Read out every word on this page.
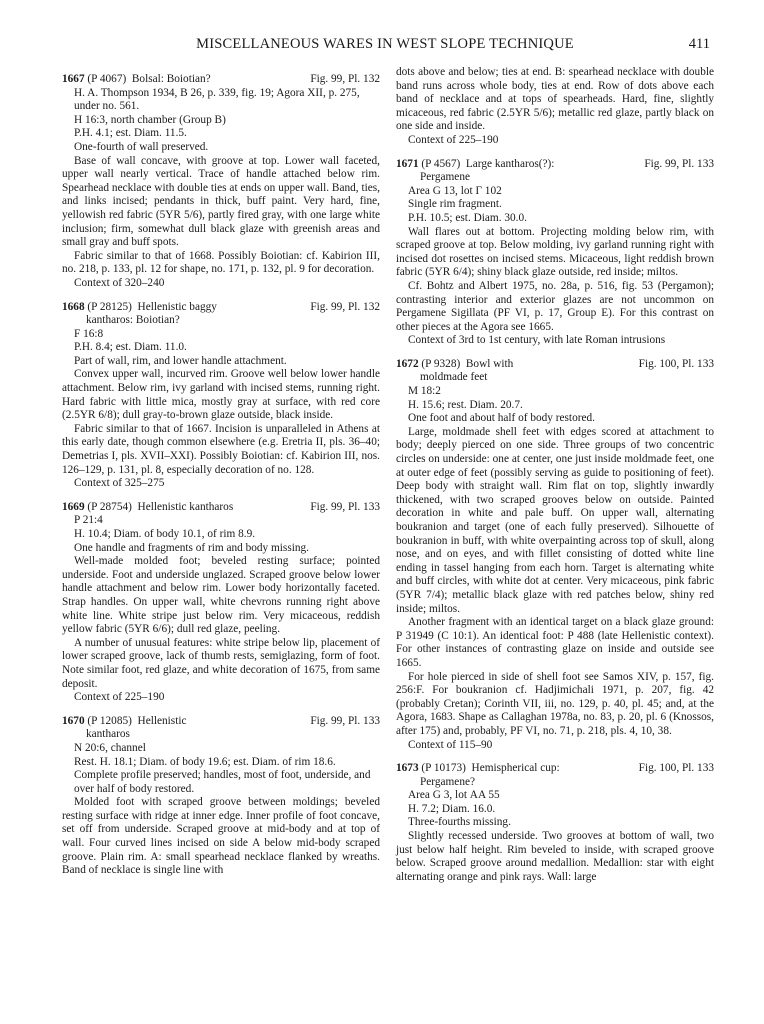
MISCELLANEOUS WARES IN WEST SLOPE TECHNIQUE	411
1667 (P 4067) Bolsal: Boiotian?	Fig. 99, Pl. 132
H. A. Thompson 1934, B 26, p. 339, fig. 19; Agora XII, p. 275, under no. 561.
H 16:3, north chamber (Group B)
P.H. 4.1; est. Diam. 11.5.
One-fourth of wall preserved.

Base of wall concave, with groove at top. Lower wall faceted, upper wall nearly vertical. Trace of handle attached below rim. Spearhead necklace with double ties at ends on upper wall. Band, ties, and links incised; pendants in thick, buff paint. Very hard, fine, yellowish red fabric (5YR 5/6), partly fired gray, with one large white inclusion; firm, somewhat dull black glaze with greenish areas and small gray and buff spots.

Fabric similar to that of 1668. Possibly Boiotian: cf. Kabirion III, no. 218, p. 133, pl. 12 for shape, no. 171, p. 132, pl. 9 for decoration.

Context of 320–240
1668 (P 28125) Hellenistic baggy	Fig. 99, Pl. 132
kantharos: Boiotian?
F 16:8
P.H. 8.4; est. Diam. 11.0.
Part of wall, rim, and lower handle attachment.

Convex upper wall, incurved rim. Groove well below lower handle attachment. Below rim, ivy garland with incised stems, running right. Hard fabric with little mica, mostly gray at surface, with red core (2.5YR 6/8); dull gray-to-brown glaze outside, black inside.

Fabric similar to that of 1667. Incision is unparalleled in Athens at this early date, though common elsewhere (e.g. Eretria II, pls. 36–40; Demetrias I, pls. XVII–XXI). Possibly Boiotian: cf. Kabirion III, nos. 126–129, p. 131, pl. 8, especially decoration of no. 128.

Context of 325–275
1669 (P 28754) Hellenistic kantharos	Fig. 99, Pl. 133
P 21:4
H. 10.4; Diam. of body 10.1, of rim 8.9.
One handle and fragments of rim and body missing.

Well-made molded foot; beveled resting surface; pointed underside. Foot and underside unglazed. Scraped groove below lower handle attachment and below rim. Lower body horizontally faceted. Strap handles. On upper wall, white chevrons running right above white line. White stripe just below rim. Very micaceous, reddish yellow fabric (5YR 6/6); dull red glaze, peeling.

A number of unusual features: white stripe below lip, placement of lower scraped groove, lack of thumb rests, semiglazing, form of foot. Note similar foot, red glaze, and white decoration of 1675, from same deposit.

Context of 225–190
1670 (P 12085) Hellenistic	Fig. 99, Pl. 133
kantharos
N 20:6, channel
Rest. H. 18.1; Diam. of body 19.6; est. Diam. of rim 18.6.
Complete profile preserved; handles, most of foot, underside, and over half of body restored.

Molded foot with scraped groove between moldings; beveled resting surface with ridge at inner edge. Inner profile of foot concave, set off from underside. Scraped groove at mid-body and at top of wall. Four curved lines incised on side A below mid-body scraped groove. Plain rim. A: small spearhead necklace flanked by wreaths. Band of necklace is single line with

dots above and below; ties at end. B: spearhead necklace with double band runs across whole body, ties at end. Row of dots above each band of necklace and at tops of spearheads. Hard, fine, slightly micaceous, red fabric (2.5YR 5/6); metallic red glaze, partly black on one side and inside.

Context of 225–190
1671 (P 4567) Large kantharos(?):	Fig. 99, Pl. 133
Pergamene
Area G 13, lot Γ 102
Single rim fragment.
P.H. 10.5; est. Diam. 30.0.

Wall flares out at bottom. Projecting molding below rim, with scraped groove at top. Below molding, ivy garland running right with incised dot rosettes on incised stems. Micaceous, light reddish brown fabric (5YR 6/4); shiny black glaze outside, red inside; miltos.

Cf. Bohtz and Albert 1975, no. 28a, p. 516, fig. 53 (Pergamon); contrasting interior and exterior glazes are not uncommon on Pergamene Sigillata (PF VI, p. 17, Group E). For this contrast on other pieces at the Agora see 1665.

Context of 3rd to 1st century, with late Roman intrusions
1672 (P 9328) Bowl with	Fig. 100, Pl. 133
moldmade feet
M 18:2
H. 15.6; rest. Diam. 20.7.
One foot and about half of body restored.

Large, moldmade shell feet with edges scored at attachment to body; deeply pierced on one side. Three groups of two concentric circles on underside: one at center, one just inside moldmade feet, one at outer edge of feet (possibly serving as guide to positioning of feet). Deep body with straight wall. Rim flat on top, slightly inwardly thickened, with two scraped grooves below on outside. Painted decoration in white and pale buff. On upper wall, alternating boukranion and target (one of each fully preserved). Silhouette of boukranion in buff, with white overpainting across top of skull, along nose, and on eyes, and with fillet consisting of dotted white line ending in tassel hanging from each horn. Target is alternating white and buff circles, with white dot at center. Very micaceous, pink fabric (5YR 7/4); metallic black glaze with red patches below, shiny red inside; miltos.

Another fragment with an identical target on a black glaze ground: P 31949 (C 10:1). An identical foot: P 488 (late Hellenistic context). For other instances of contrasting glaze on inside and outside see 1665.

For hole pierced in side of shell foot see Samos XIV, p. 157, fig. 256:F. For boukranion cf. Hadjimichali 1971, p. 207, fig. 42 (probably Cretan); Corinth VII, iii, no. 129, p. 40, pl. 45; and, at the Agora, 1683. Shape as Callaghan 1978a, no. 83, p. 20, pl. 6 (Knossos, after 175) and, probably, PF VI, no. 71, p. 218, pls. 4, 10, 38.

Context of 115–90
1673 (P 10173) Hemispherical cup:	Fig. 100, Pl. 133
Pergamene?
Area G 3, lot ΑΑ 55
H. 7.2; Diam. 16.0.
Three-fourths missing.

Slightly recessed underside. Two grooves at bottom of wall, two just below half height. Rim beveled to inside, with scraped groove below. Scraped groove around medallion. Medallion: star with eight alternating orange and pink rays. Wall: large
